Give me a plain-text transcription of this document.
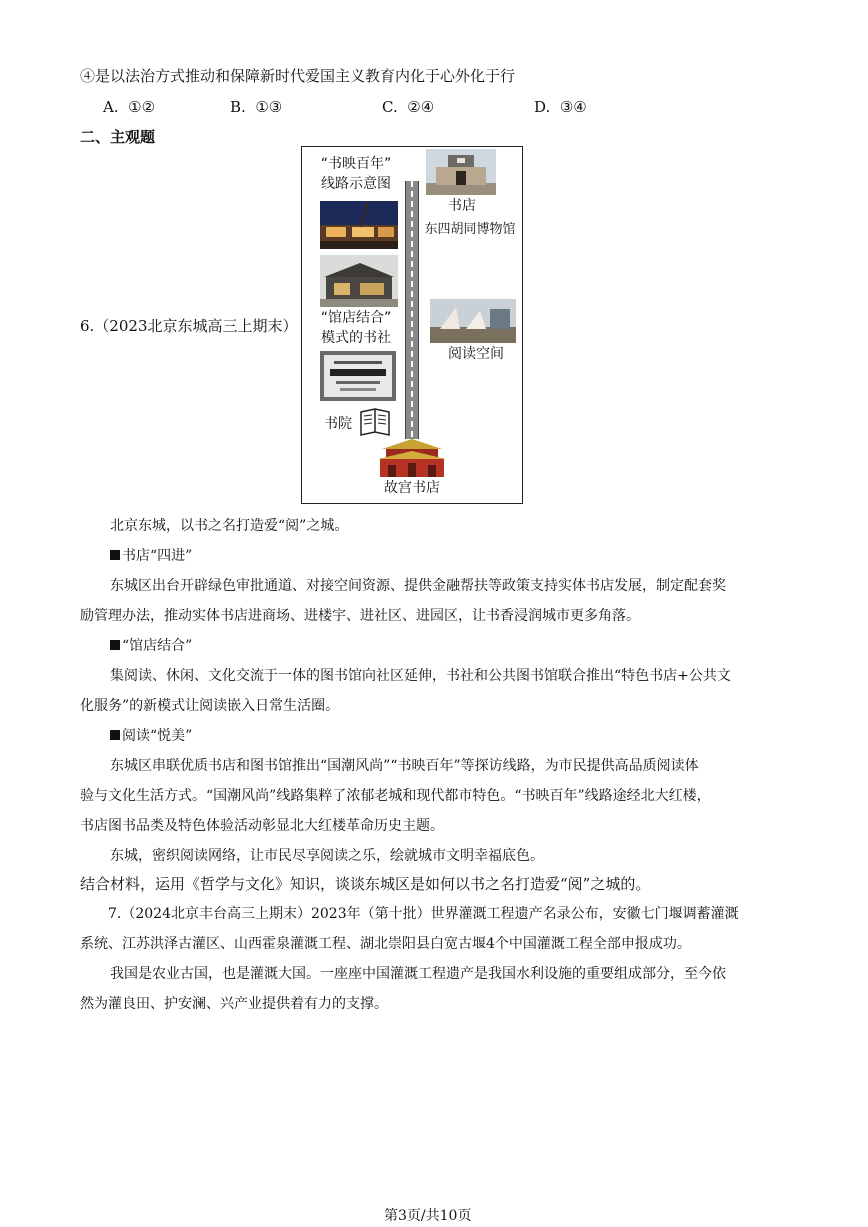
④是以法治方式推动和保障新时代爱国主义教育内化于心外化于行
A. ①②	B. ①③	C. ②④	D. ③④
二、主观题
6.（2023北京东城高三上期末）
“书映百年”
线路示意图
书店
东四胡同博物馆
“馆店结合”
模式的书社
阅读空间
书院
故宫书店
北京东城，以书之名打造爱“阅”之城。
书店“四进”
东城区出台开辟绿色审批通道、对接空间资源、提供金融帮扶等政策支持实体书店发展，制定配套奖
励管理办法，推动实体书店进商场、进楼宇、进社区、进园区，让书香浸润城市更多角落。
“馆店结合”
集阅读、休闲、文化交流于一体的图书馆向社区延伸，书社和公共图书馆联合推出“特色书店+公共文
化服务”的新模式让阅读嵌入日常生活圈。
阅读“悦美”
东城区串联优质书店和图书馆推出“国潮风尚”“书映百年”等探访线路，为市民提供高品质阅读体
验与文化生活方式。“国潮风尚”线路集粹了浓郁老城和现代都市特色。“书映百年”线路途经北大红楼，
书店图书品类及特色体验活动彰显北大红楼革命历史主题。
东城，密织阅读网络，让市民尽享阅读之乐，绘就城市文明幸福底色。
结合材料，运用《哲学与文化》知识，谈谈东城区是如何以书之名打造爱“阅”之城的。
7.（2024北京丰台高三上期末）2023年（第十批）世界灌溉工程遗产名录公布，安徽七门堰调蓄灌溉
系统、江苏洪泽古灌区、山西霍泉灌溉工程、湖北崇阳县白宽古堰4个中国灌溉工程全部申报成功。
我国是农业古国，也是灌溉大国。一座座中国灌溉工程遗产是我国水利设施的重要组成部分，至今依
然为灌良田、护安澜、兴产业提供着有力的支撑。
第3页/共10页
